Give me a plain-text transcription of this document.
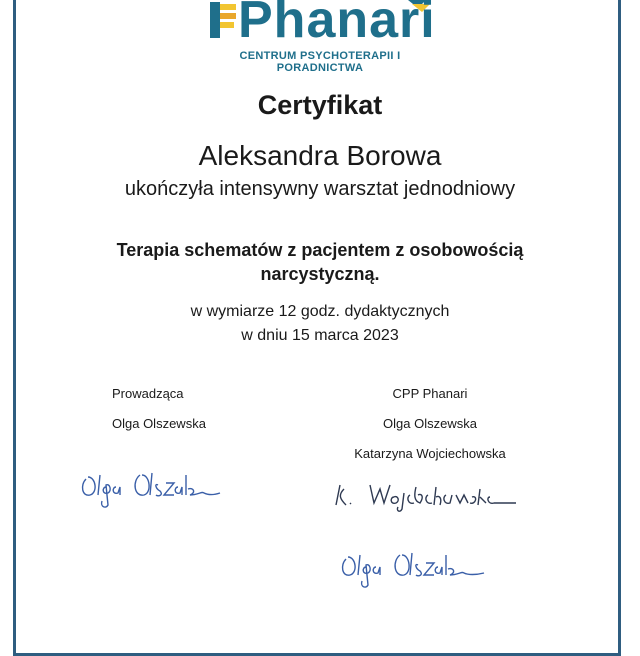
Phanari
CENTRUM PSYCHOTERAPII I PORADNICTWA
Certyfikat
Aleksandra Borowa
ukończyła intensywny warsztat jednodniowy
Terapia schematów z pacjentem z osobowością
narcystyczną.
w wymiarze 12 godz. dydaktycznych
w dniu 15 marca 2023
Prowadząca
Olga Olszewska
CPP Phanari
Olga Olszewska
Katarzyna Wojciechowska
